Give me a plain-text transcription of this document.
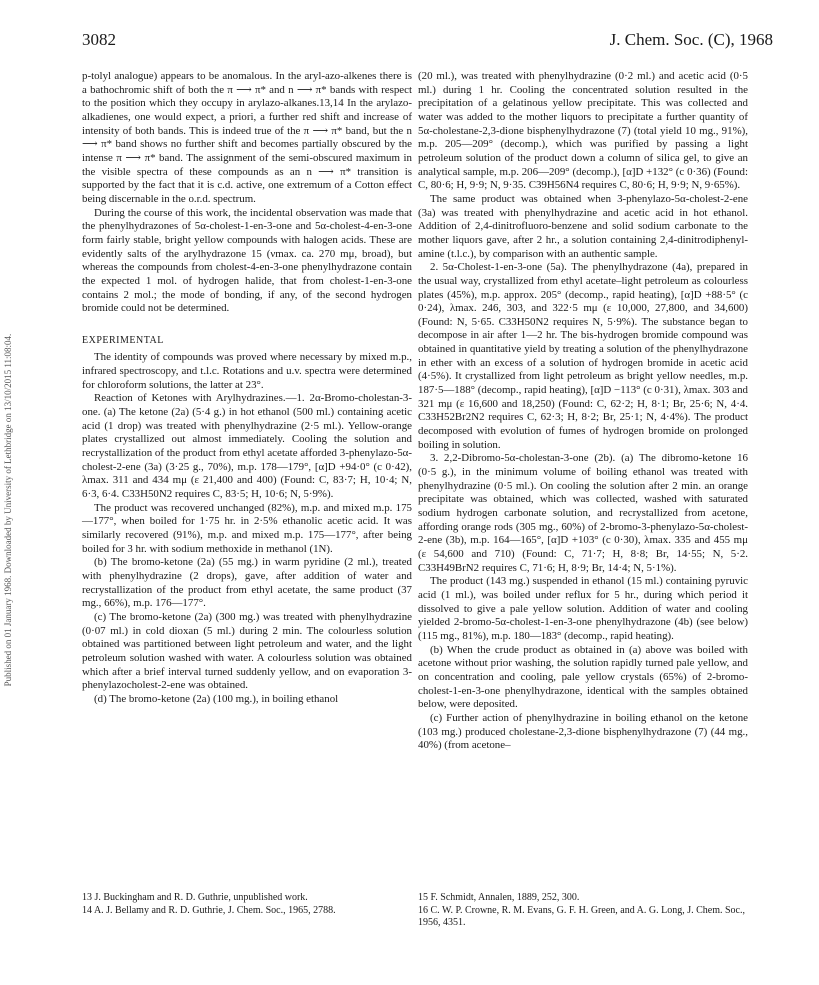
3082	J. Chem. Soc. (C), 1968
Published on 01 January 1968. Downloaded by University of Lethbridge on 13/10/2015 11:08:04.

p-tolyl analogue) appears to be anomalous. In the aryl-azo-alkenes there is a bathochromic shift of both the π ⟶ π* and n ⟶ π* bands with respect to the position which they occupy in arylazo-alkanes.13,14 In the arylazo-alkadienes, one would expect, a priori, a further red shift and increase of intensity of both bands. This is indeed true of the π ⟶ π* band, but the n ⟶ π* band shows no further shift and becomes partially obscured by the intense π ⟶ π* band. The assignment of the semi-obscured maximum in the visible spectra of these compounds as an n ⟶ π* transition is supported by the fact that it is c.d. active, one extremum of a Cotton effect being discernable in the o.r.d. spectrum.

During the course of this work, the incidental observation was made that the phenylhydrazones of 5α-cholest-1-en-3-one and 5α-cholest-4-en-3-one form fairly stable, bright yellow compounds with halogen acids. These are evidently salts of the arylhydrazone 15 (νmax. ca. 270 mμ, broad), but whereas the compounds from cholest-4-en-3-one phenylhydrazone contain the expected 1 mol. of hydrogen halide, that from cholest-1-en-3-one contains 2 mol.; the mode of bonding, if any, of the second hydrogen bromide could not be determined.

EXPERIMENTAL

The identity of compounds was proved where necessary by mixed m.p., infrared spectroscopy, and t.l.c. Rotations and u.v. spectra were determined for chloroform solutions, the latter at 23°.

Reaction of Ketones with Arylhydrazines.—1. 2α-Bromo-cholestan-3-one. (a) The ketone (2a) (5·4 g.) in hot ethanol (500 ml.) containing acetic acid (1 drop) was treated with phenylhydrazine (2·5 ml.). Yellow-orange plates crystallized out almost immediately. Cooling the solution and recrystallization of the product from ethyl acetate afforded 3-phenylazo-5α-cholest-2-ene (3a) (3·25 g., 70%), m.p. 178—179°, [α]D +94·0° (c 0·42), λmax. 311 and 434 mμ (ε 21,400 and 400) (Found: C, 83·7; H, 10·4; N, 6·3, 6·4. C33H50N2 requires C, 83·5; H, 10·6; N, 5·9%).

The product was recovered unchanged (82%), m.p. and mixed m.p. 175—177°, when boiled for 1·75 hr. in 2·5% ethanolic acetic acid. It was similarly recovered (91%), m.p. and mixed m.p. 175—177°, after being boiled for 3 hr. with sodium methoxide in methanol (1N).

(b) The bromo-ketone (2a) (55 mg.) in warm pyridine (2 ml.), treated with phenylhydrazine (2 drops), gave, after addition of water and recrystallization of the product from ethyl acetate, the same product (37 mg., 66%), m.p. 176—177°.

(c) The bromo-ketone (2a) (300 mg.) was treated with phenylhydrazine (0·07 ml.) in cold dioxan (5 ml.) during 2 min. The colourless solution obtained was partitioned between light petroleum and water, and the light petroleum solution washed with water. A colourless solution was obtained which after a brief interval turned suddenly yellow, and on evaporation 3-phenylazocholest-2-ene was obtained.

(d) The bromo-ketone (2a) (100 mg.), in boiling ethanol

(20 ml.), was treated with phenylhydrazine (0·2 ml.) and acetic acid (0·5 ml.) during 1 hr. Cooling the concentrated solution resulted in the precipitation of a gelatinous yellow precipitate. This was collected and water was added to the mother liquors to precipitate a further quantity of 5α-cholestane-2,3-dione bisphenylhydrazone (7) (total yield 10 mg., 91%), m.p. 205—209° (decomp.), which was purified by passing a light petroleum solution of the product down a column of silica gel, to give an analytical sample, m.p. 206—209° (decomp.), [α]D +132° (c 0·36) (Found: C, 80·6; H, 9·9; N, 9·35. C39H56N4 requires C, 80·6; H, 9·9; N, 9·65%).

The same product was obtained when 3-phenylazo-5α-cholest-2-ene (3a) was treated with phenylhydrazine and acetic acid in hot ethanol. Addition of 2,4-dinitrofluoro-benzene and solid sodium carbonate to the mother liquors gave, after 2 hr., a solution containing 2,4-dinitrodiphenyl-amine (t.l.c.), by comparison with an authentic sample.

2. 5α-Cholest-1-en-3-one (5a). The phenylhydrazone (4a), prepared in the usual way, crystallized from ethyl acetate–light petroleum as colourless plates (45%), m.p. approx. 205° (decomp., rapid heating), [α]D +88·5° (c 0·24), λmax. 246, 303, and 322·5 mμ (ε 10,000, 27,800, and 34,600) (Found: N, 5·65. C33H50N2 requires N, 5·9%). The substance began to decompose in air after 1—2 hr. The bis-hydrogen bromide compound was obtained in quantitative yield by treating a solution of the phenylhydrazone in ether with an excess of a solution of hydrogen bromide in acetic acid (4·5%). It crystallized from light petroleum as bright yellow needles, m.p. 187·5—188° (decomp., rapid heating), [α]D −113° (c 0·31), λmax. 303 and 321 mμ (ε 16,600 and 18,250) (Found: C, 62·2; H, 8·1; Br, 25·6; N, 4·4. C33H52Br2N2 requires C, 62·3; H, 8·2; Br, 25·1; N, 4·4%). The product decomposed with evolution of fumes of hydrogen bromide on prolonged boiling in solution.

3. 2,2-Dibromo-5α-cholestan-3-one (2b). (a) The dibromo-ketone 16 (0·5 g.), in the minimum volume of boiling ethanol was treated with phenylhydrazine (0·5 ml.). On cooling the solution after 2 min. an orange precipitate was obtained, which was collected, washed with saturated sodium hydrogen carbonate solution, and recrystallized from acetone, affording orange rods (305 mg., 60%) of 2-bromo-3-phenylazo-5α-cholest-2-ene (3b), m.p. 164—165°, [α]D +103° (c 0·30), λmax. 335 and 455 mμ (ε 54,600 and 710) (Found: C, 71·7; H, 8·8; Br, 14·55; N, 5·2. C33H49BrN2 requires C, 71·6; H, 8·9; Br, 14·4; N, 5·1%).

The product (143 mg.) suspended in ethanol (15 ml.) containing pyruvic acid (1 ml.), was boiled under reflux for 5 hr., during which period it dissolved to give a pale yellow solution. Addition of water and cooling yielded 2-bromo-5α-cholest-1-en-3-one phenylhydrazone (4b) (see below) (115 mg., 81%), m.p. 180—183° (decomp., rapid heating).

(b) When the crude product as obtained in (a) above was boiled with acetone without prior washing, the solution rapidly turned pale yellow, and on concentration and cooling, pale yellow crystals (65%) of 2-bromo-cholest-1-en-3-one phenylhydrazone, identical with the samples obtained below, were deposited.

(c) Further action of phenylhydrazine in boiling ethanol on the ketone (103 mg.) produced cholestane-2,3-dione bisphenylhydrazone (7) (44 mg., 40%) (from acetone–

13 J. Buckingham and R. D. Guthrie, unpublished work.

14 A. J. Bellamy and R. D. Guthrie, J. Chem. Soc., 1965, 2788.

15 F. Schmidt, Annalen, 1889, 252, 300.

16 C. W. P. Crowne, R. M. Evans, G. F. H. Green, and A. G. Long, J. Chem. Soc., 1956, 4351.
